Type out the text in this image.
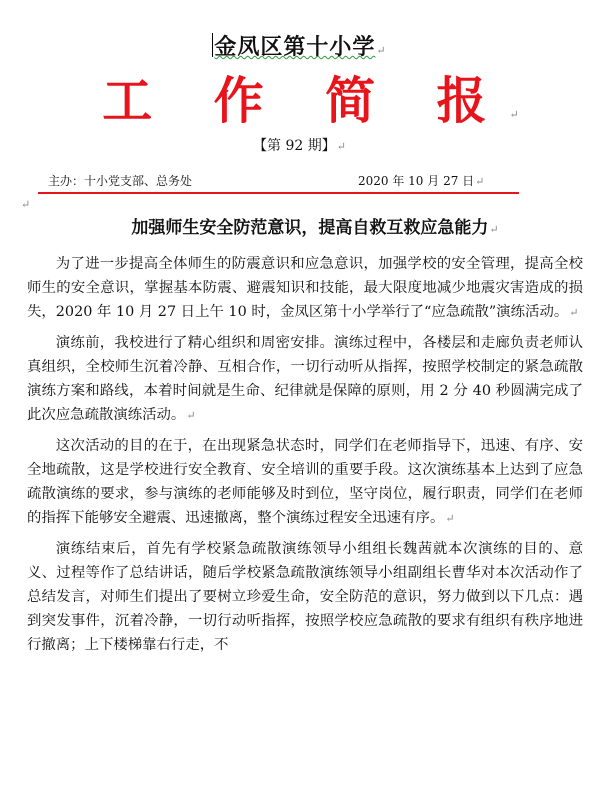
金凤区第十小学↵
工 作 简 报↵
【第 92 期】↵
主办：十小党支部、总务处	2020 年 10 月 27 日↵
↵
加强师生安全防范意识，提高自救互救应急能力↵

为了进一步提高全体师生的防震意识和应急意识，加强学校的安全管理，提高全校师生的安全意识，掌握基本防震、避震知识和技能，最大限度地减少地震灾害造成的损失，2020 年 10 月 27 日上午 10 时，金凤区第十小学举行了“应急疏散”演练活动。↵

演练前，我校进行了精心组织和周密安排。演练过程中，各楼层和走廊负责老师认真组织，全校师生沉着冷静、互相合作，一切行动听从指挥，按照学校制定的紧急疏散演练方案和路线，本着时间就是生命、纪律就是保障的原则，用 2 分 40 秒圆满完成了此次应急疏散演练活动。↵

这次活动的目的在于，在出现紧急状态时，同学们在老师指导下，迅速、有序、安全地疏散，这是学校进行安全教育、安全培训的重要手段。这次演练基本上达到了应急疏散演练的要求，参与演练的老师能够及时到位，坚守岗位，履行职责，同学们在老师的指挥下能够安全避震、迅速撤离，整个演练过程安全迅速有序。↵

演练结束后，首先有学校紧急疏散演练领导小组组长魏茜就本次演练的目的、意义、过程等作了总结讲话，随后学校紧急疏散演练领导小组副组长曹华对本次活动作了总结发言，对师生们提出了要树立珍爱生命，安全防范的意识，努力做到以下几点：遇到突发事件，沉着冷静，一切行动听指挥，按照学校应急疏散的要求有组织有秩序地进行撤离；上下楼梯靠右行走，不
